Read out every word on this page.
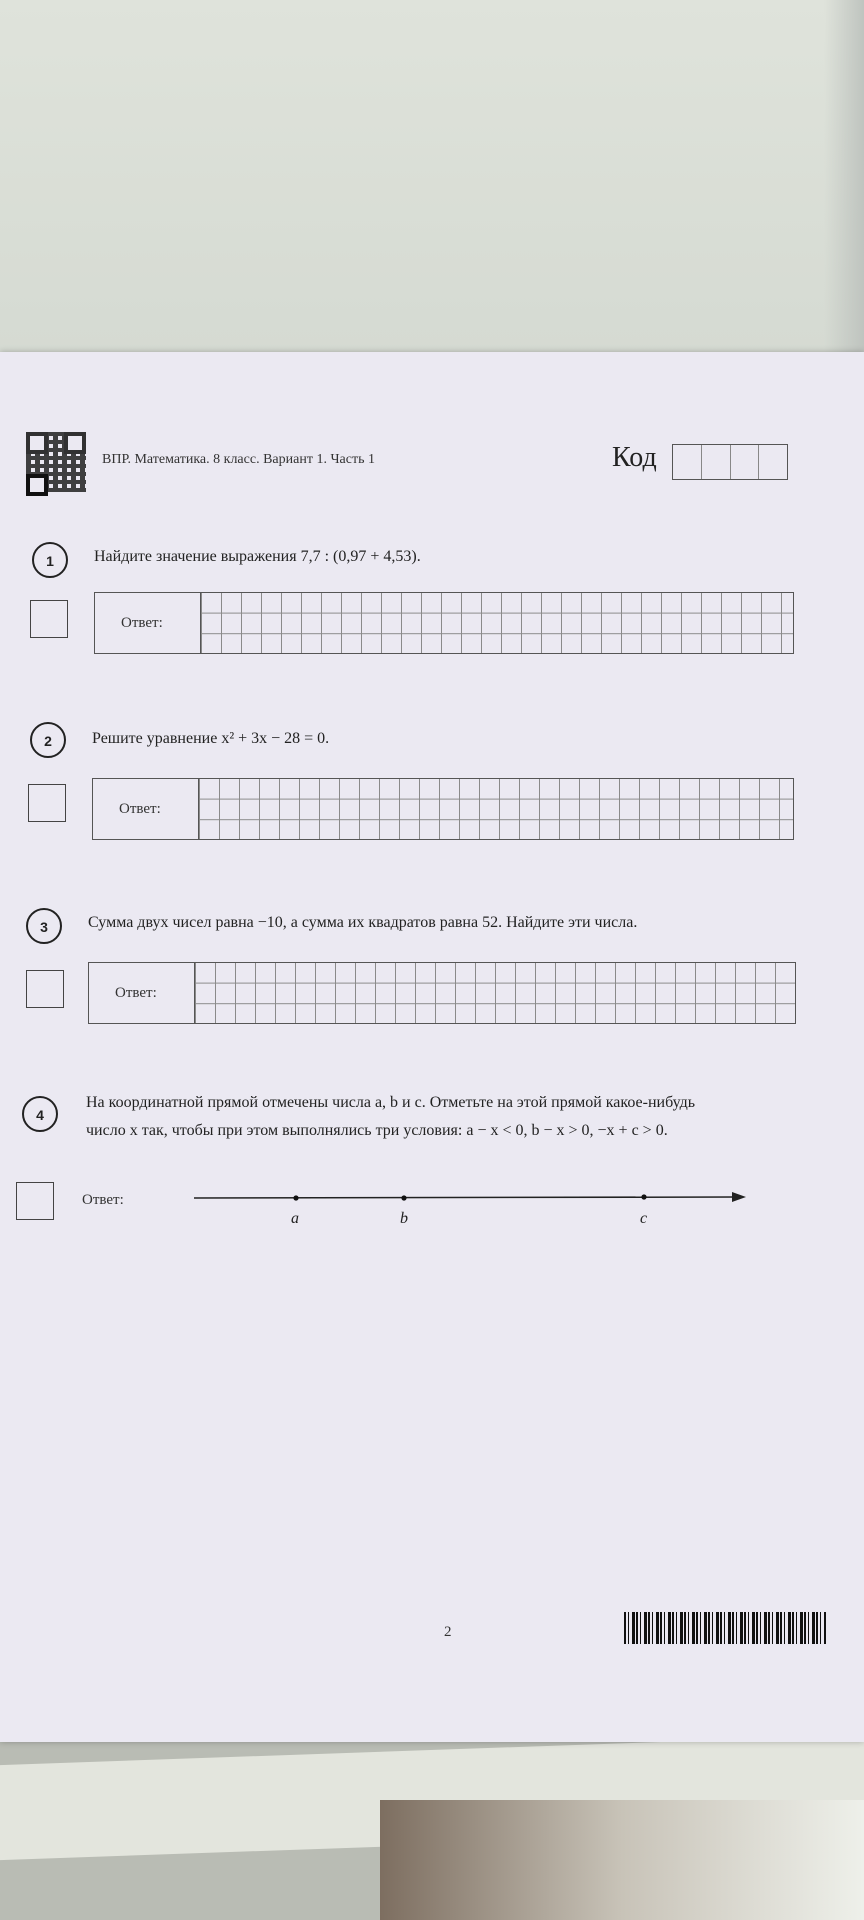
ВПР. Математика. 8 класс. Вариант 1. Часть 1	Код
1	Найдите значение выражения 7,7 : (0,97 + 4,53).
Ответ:
2	Решите уравнение x² + 3x − 28 = 0.
Ответ:
3	Сумма двух чисел равна −10, а сумма их квадратов равна 52. Найдите эти числа.
Ответ:
4
На координатной прямой отмечены числа a, b и c. Отметьте на этой прямой какое-нибудь
число x так, чтобы при этом выполнялись три условия: a − x < 0, b − x > 0, −x + c > 0.
Ответ:
a	b	c
2
